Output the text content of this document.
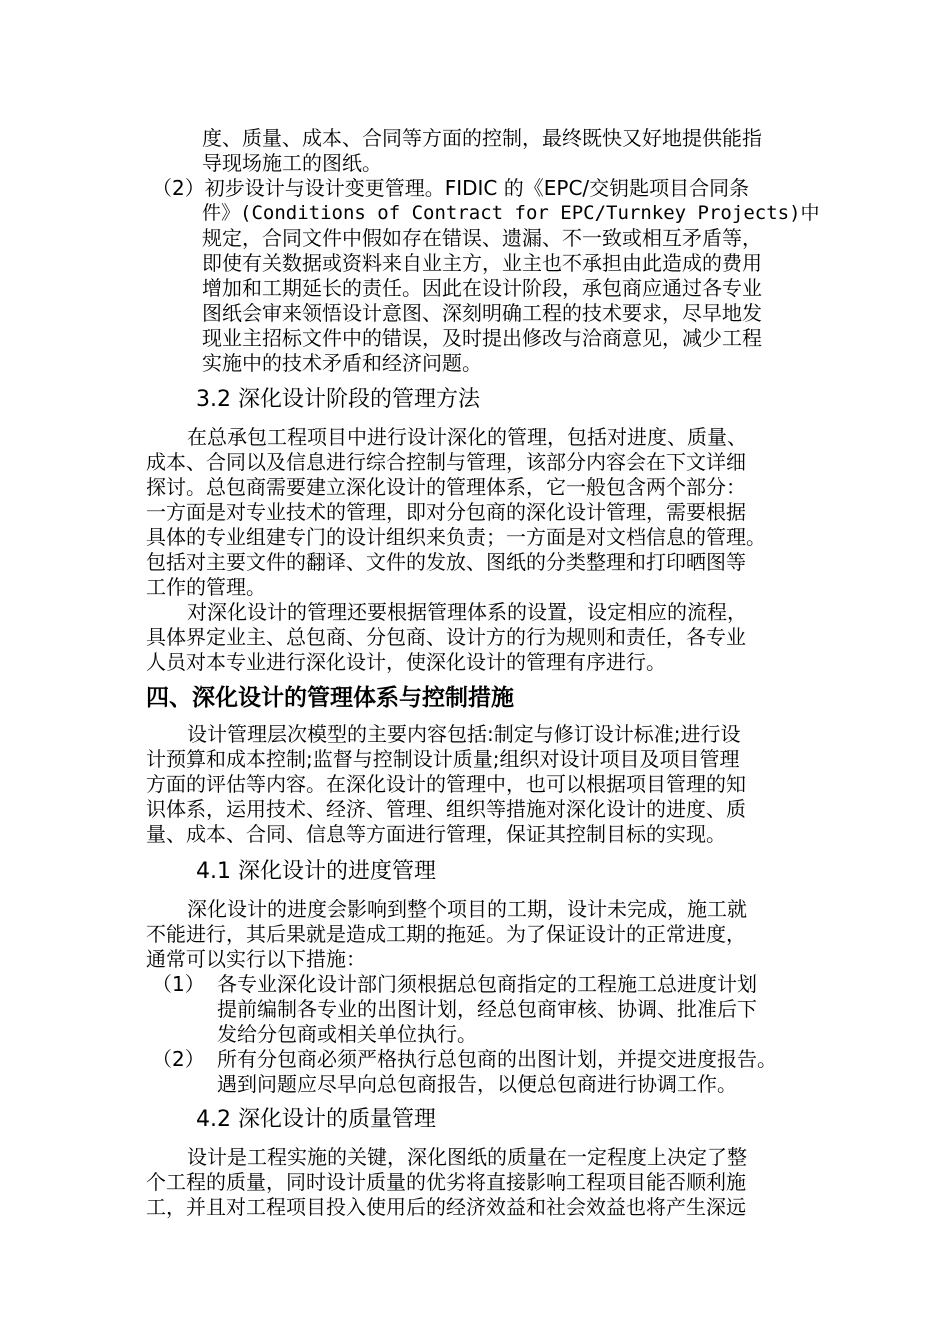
度、质量、成本、合同等方面的控制，最终既快又好地提供能指
导现场施工的图纸。
（2）初步设计与设计变更管理。FIDIC 的《EPC/交钥匙项目合同条
件》(Conditions of Contract for EPC/Turnkey Projects)中
规定，合同文件中假如存在错误、遗漏、不一致或相互矛盾等，
即使有关数据或资料来自业主方，业主也不承担由此造成的费用
增加和工期延长的责任。因此在设计阶段，承包商应通过各专业
图纸会审来领悟设计意图、深刻明确工程的技术要求，尽早地发
现业主招标文件中的错误，及时提出修改与洽商意见，减少工程
实施中的技术矛盾和经济问题。
3.2 深化设计阶段的管理方法
在总承包工程项目中进行设计深化的管理，包括对进度、质量、
成本、合同以及信息进行综合控制与管理，该部分内容会在下文详细
探讨。总包商需要建立深化设计的管理体系，它一般包含两个部分：
一方面是对专业技术的管理，即对分包商的深化设计管理，需要根据
具体的专业组建专门的设计组织来负责；一方面是对文档信息的管理。
包括对主要文件的翻译、文件的发放、图纸的分类整理和打印晒图等
工作的管理。
对深化设计的管理还要根据管理体系的设置，设定相应的流程，
具体界定业主、总包商、分包商、设计方的行为规则和责任，各专业
人员对本专业进行深化设计，使深化设计的管理有序进行。
四、深化设计的管理体系与控制措施
设计管理层次模型的主要内容包括:制定与修订设计标准;进行设
计预算和成本控制;监督与控制设计质量;组织对设计项目及项目管理
方面的评估等内容。在深化设计的管理中，也可以根据项目管理的知
识体系，运用技术、经济、管理、组织等措施对深化设计的进度、质
量、成本、合同、信息等方面进行管理，保证其控制目标的实现。
4.1 深化设计的进度管理
深化设计的进度会影响到整个项目的工期，设计未完成，施工就
不能进行，其后果就是造成工期的拖延。为了保证设计的正常进度，
通常可以实行以下措施：
（1） 各专业深化设计部门须根据总包商指定的工程施工总进度计划
提前编制各专业的出图计划，经总包商审核、协调、批准后下
发给分包商或相关单位执行。
（2） 所有分包商必须严格执行总包商的出图计划，并提交进度报告。
遇到问题应尽早向总包商报告，以便总包商进行协调工作。
4.2 深化设计的质量管理
设计是工程实施的关键，深化图纸的质量在一定程度上决定了整
个工程的质量，同时设计质量的优劣将直接影响工程项目能否顺利施
工，并且对工程项目投入使用后的经济效益和社会效益也将产生深远
